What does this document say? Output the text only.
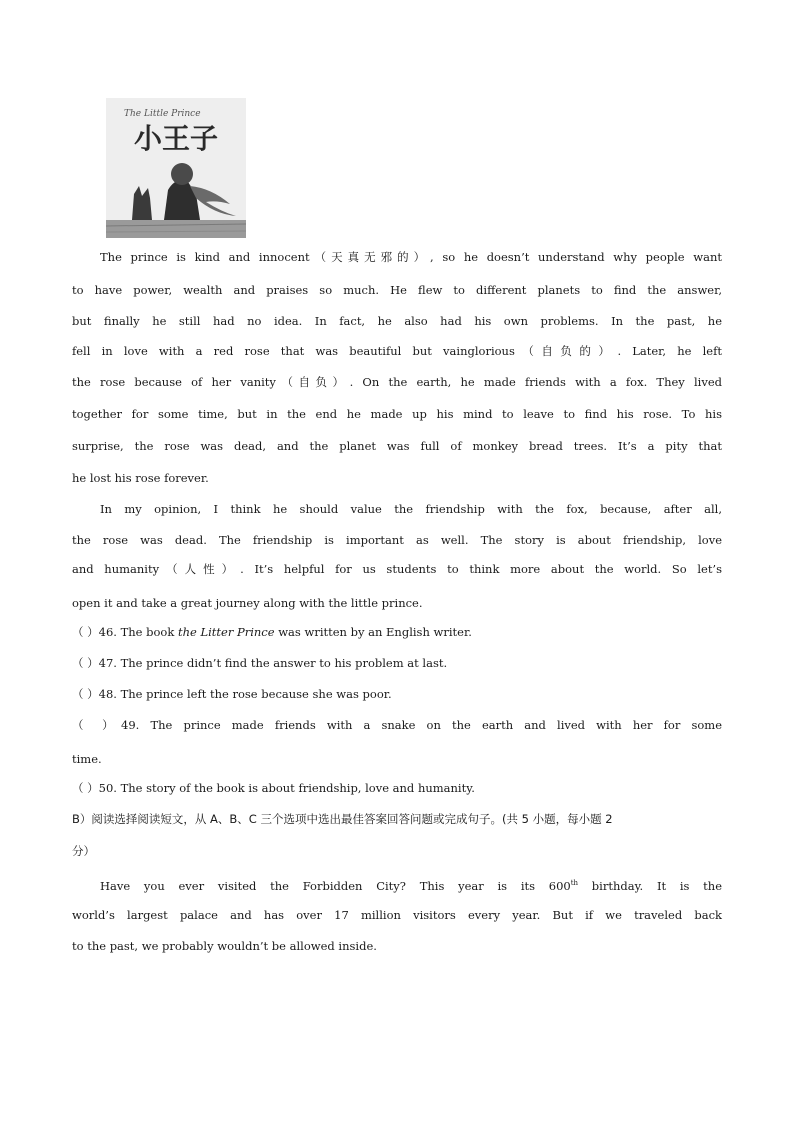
The Little Prince
小王子
The prince is kind and innocent（天真无邪的）, so he doesn’t understand why people want
to have power, wealth and praises so much. He flew to different planets to find the answer,
but finally he still had no idea. In fact, he also had his own problems. In the past, he
fell in love with a red rose that was beautiful but vainglorious（自负的）. Later, he left
the rose because of her vanity（自负）. On the earth, he made friends with a fox. They lived
together for some time, but in the end he made up his mind to leave to find his rose. To his
surprise, the rose was dead, and the planet was full of monkey bread trees. It’s a pity that
he lost his rose forever.
In my opinion, I think he should value the friendship with the fox, because, after all,
the rose was dead. The friendship is important as well. The story is about friendship, love
and humanity（人性）. It’s helpful for us students to think more about the world. So let’s
open it and take a great journey along with the little prince.
（ ）46. The book the Litter Prince was written by an English writer.
（ ）47. The prince didn’t find the answer to his problem at last.
（ ）48. The prince left the rose because she was poor.
（ ）49. The prince made friends with a snake on the earth and lived with her for some
time.
（ ）50. The story of the book is about friendship, love and humanity.
B）阅读选择阅读短文，从 A、B、C 三个选项中选出最佳答案回答问题或完成句子。(共 5 小题，每小题 2
分）
Have you ever visited the Forbidden City? This year is its 600th birthday. It is the
world’s largest palace and has over 17 million visitors every year. But if we traveled back
to the past, we probably wouldn’t be allowed inside.
